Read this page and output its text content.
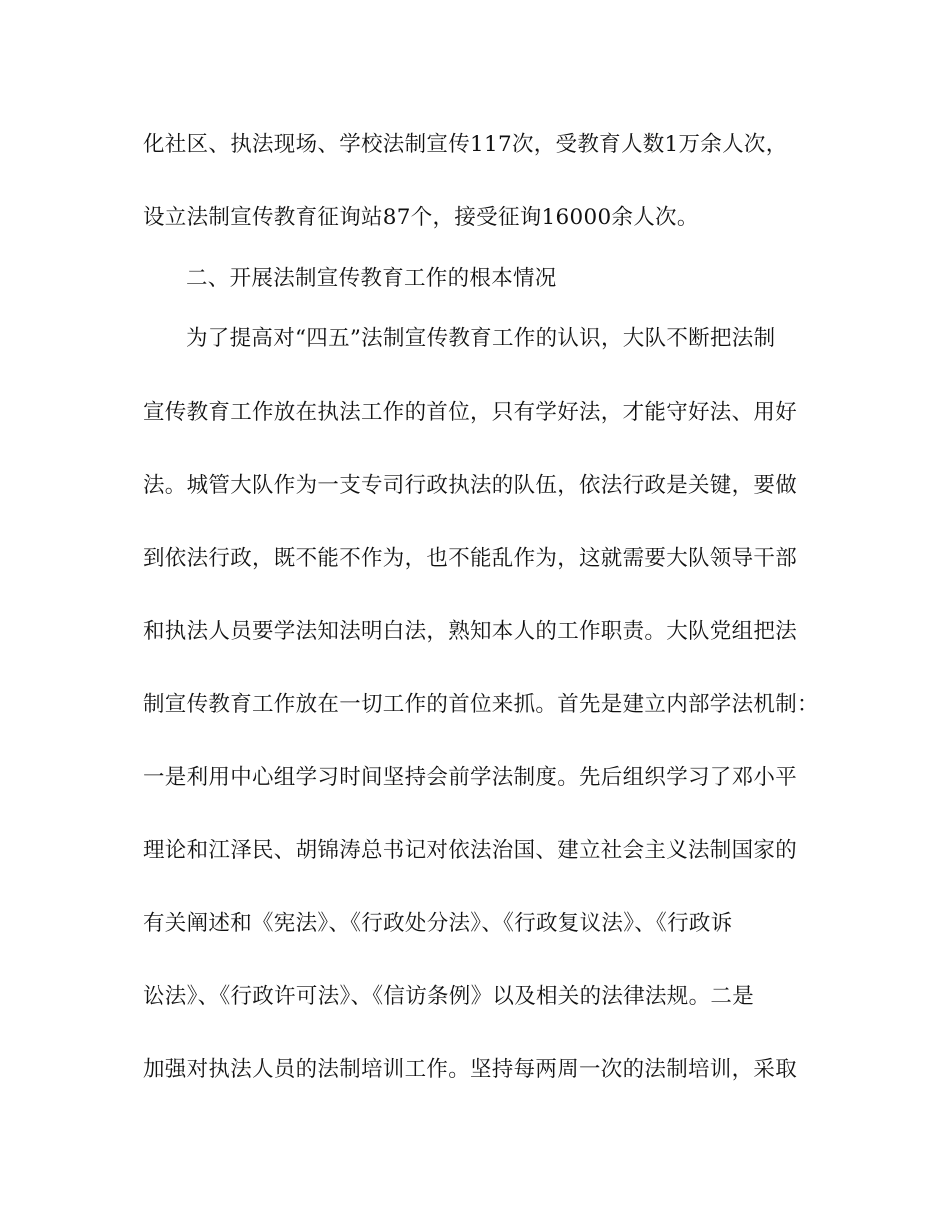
化社区、执法现场、学校法制宣传117次，受教育人数1万余人次，
设立法制宣传教育征询站87个，接受征询16000余人次。
二、开展法制宣传教育工作的根本情况
为了提高对“四五”法制宣传教育工作的认识，大队不断把法制
宣传教育工作放在执法工作的首位，只有学好法，才能守好法、用好
法。城管大队作为一支专司行政执法的队伍，依法行政是关键，要做
到依法行政，既不能不作为，也不能乱作为，这就需要大队领导干部
和执法人员要学法知法明白法，熟知本人的工作职责。大队党组把法
制宣传教育工作放在一切工作的首位来抓。首先是建立内部学法机制：
一是利用中心组学习时间坚持会前学法制度。先后组织学习了邓小平
理论和江泽民、胡锦涛总书记对依法治国、建立社会主义法制国家的
有关阐述和《宪法》、《行政处分法》、《行政复议法》、《行政诉
讼法》、《行政许可法》、《信访条例》以及相关的法律法规。二是
加强对执法人员的法制培训工作。坚持每两周一次的法制培训，采取
